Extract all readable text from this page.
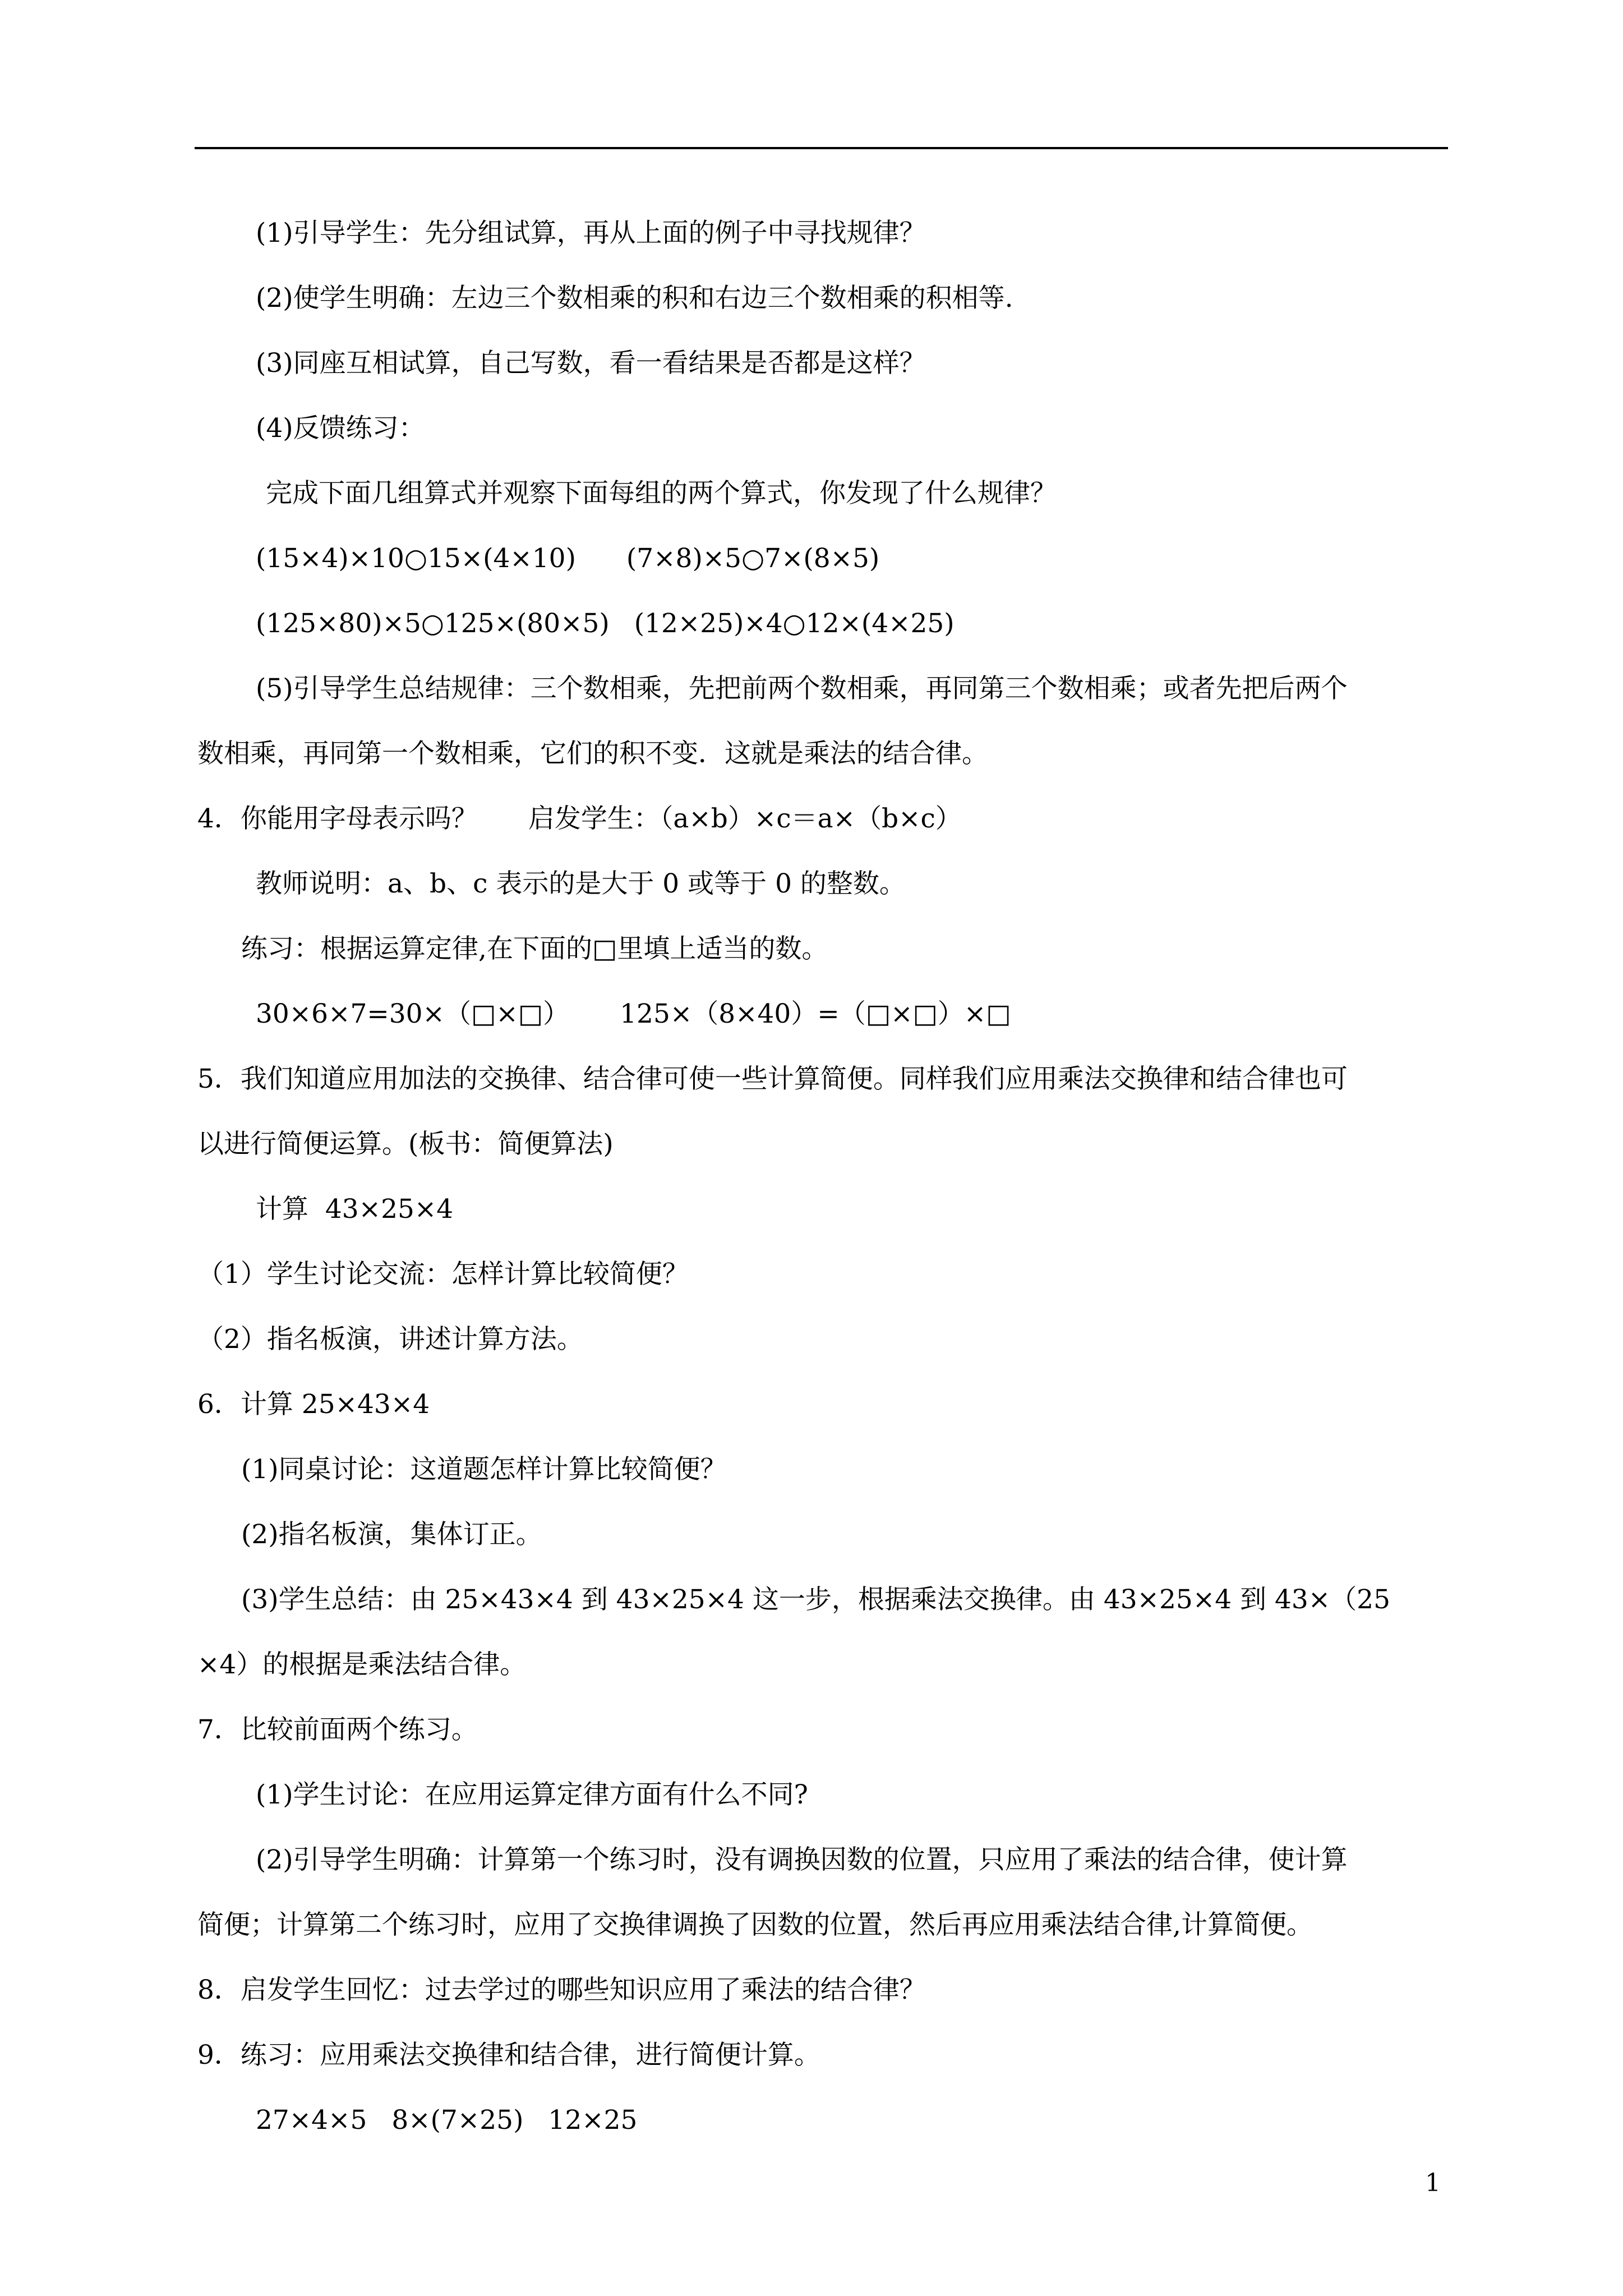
(1)引导学生：先分组试算，再从上面的例子中寻找规律？
(2)使学生明确：左边三个数相乘的积和右边三个数相乘的积相等.
(3)同座互相试算，自己写数，看一看结果是否都是这样？
(4)反馈练习：
完成下面几组算式并观察下面每组的两个算式，你发现了什么规律？
(15×4)×10○15×(4×10) (7×8)×5○7×(8×5)
(125×80)×5○125×(80×5) (12×25)×4○12×(4×25)
(5)引导学生总结规律：三个数相乘，先把前两个数相乘，再同第三个数相乘；或者先把后两个
数相乘，再同第一个数相乘，它们的积不变．这就是乘法的结合律。
4．你能用字母表示吗？ 启发学生：（a×b）×c＝a×（b×c）
教师说明：a、b、c 表示的是大于 0 或等于 0 的整数。
练习：根据运算定律,在下面的□里填上适当的数。
30×6×7=30×（□×□） 125×（8×40）=（□×□）×□
5．我们知道应用加法的交换律、结合律可使一些计算简便。同样我们应用乘法交换律和结合律也可
以进行简便运算。(板书：简便算法)
计算  43×25×4
（1）学生讨论交流：怎样计算比较简便？
（2）指名板演，讲述计算方法。
6．计算 25×43×4
(1)同桌讨论：这道题怎样计算比较简便？
(2)指名板演，集体订正。
(3)学生总结：由 25×43×4 到 43×25×4 这一步，根据乘法交换律。由 43×25×4 到 43×（25
×4）的根据是乘法结合律。
7．比较前面两个练习。
(1)学生讨论：在应用运算定律方面有什么不同?
(2)引导学生明确：计算第一个练习时，没有调换因数的位置，只应用了乘法的结合律，使计算
简便；计算第二个练习时，应用了交换律调换了因数的位置，然后再应用乘法结合律,计算简便。
8．启发学生回忆：过去学过的哪些知识应用了乘法的结合律？
9．练习：应用乘法交换律和结合律，进行简便计算。
27×4×5 8×(7×25) 12×25
1
